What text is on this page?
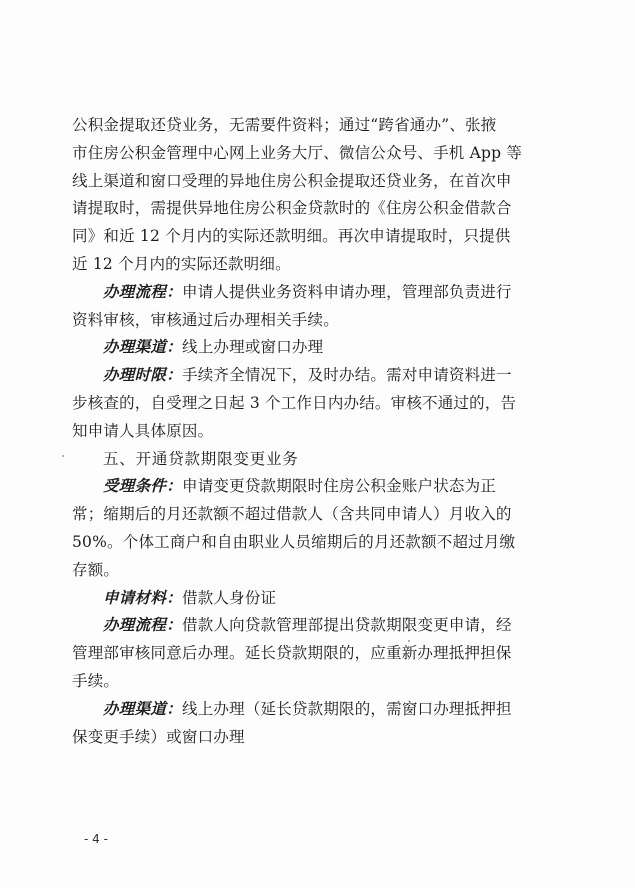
公积金提取还贷业务，无需要件资料；通过“跨省通办”、张掖
市住房公积金管理中心网上业务大厅、微信公众号、手机 App 等
线上渠道和窗口受理的异地住房公积金提取还贷业务，在首次申
请提取时，需提供异地住房公积金贷款时的《住房公积金借款合
同》和近 12 个月内的实际还款明细。再次申请提取时，只提供
近 12 个月内的实际还款明细。
办理流程：申请人提供业务资料申请办理，管理部负责进行
资料审核，审核通过后办理相关手续。
办理渠道：线上办理或窗口办理
办理时限：手续齐全情况下，及时办结。需对申请资料进一
步核查的，自受理之日起 3 个工作日内办结。审核不通过的，告
知申请人具体原因。
五、开通贷款期限变更业务
受理条件：申请变更贷款期限时住房公积金账户状态为正
常；缩期后的月还款额不超过借款人（含共同申请人）月收入的
50%。个体工商户和自由职业人员缩期后的月还款额不超过月缴
存额。
申请材料：借款人身份证
办理流程：借款人向贷款管理部提出贷款期限变更申请，经
管理部审核同意后办理。延长贷款期限的，应重新办理抵押担保
手续。
办理渠道：线上办理（延长贷款期限的，需窗口办理抵押担
保变更手续）或窗口办理
- 4 -
